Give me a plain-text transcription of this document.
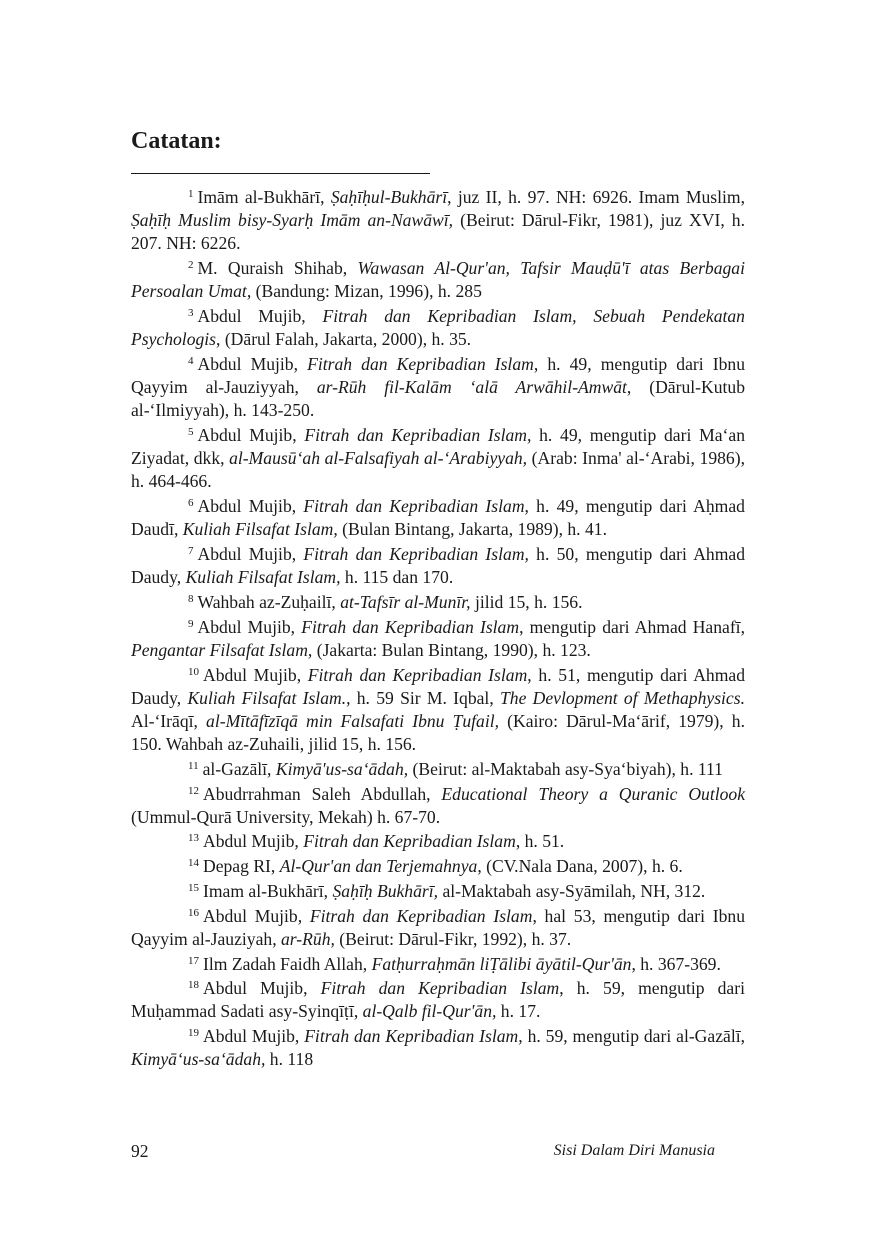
Catatan:

$^1$ Imām al-Bukhārī, Ṣaḥīḥul-Bukhārī, juz II, h. 97. NH: 6926. Imam Muslim, Ṣaḥīḥ Muslim bisy-Syarḥ Imām an-Nawāwī, (Beirut: Dārul-Fikr, 1981), juz XVI, h. 207. NH: 6226.

$^2$ M. Quraish Shihab, Wawasan Al-Qur'an, Tafsir Mauḍū'ī atas Berbagai Persoalan Umat, (Bandung: Mizan, 1996), h. 285

$^3$ Abdul Mujib, Fitrah dan Kepribadian Islam, Sebuah Pendekatan Psychologis, (Dārul Falah, Jakarta, 2000), h. 35.

$^4$ Abdul Mujib, Fitrah dan Kepribadian Islam, h. 49, mengutip dari Ibnu Qayyim al-Jauziyyah, ar-Rūh fil-Kalām ‘alā Arwāhil-Amwāt, (Dārul-Kutub al-‘Ilmiyyah), h. 143-250.

$^5$ Abdul Mujib, Fitrah dan Kepribadian Islam, h. 49, mengutip dari Ma‘an Ziyadat, dkk, al-Mausū‘ah al-Falsafiyah al-‘Arabiyyah, (Arab: Inma' al-‘Arabi, 1986), h. 464-466.

$^6$ Abdul Mujib, Fitrah dan Kepribadian Islam, h. 49, mengutip dari Aḥmad Daudī, Kuliah Filsafat Islam, (Bulan Bintang, Jakarta, 1989), h. 41.

$^7$ Abdul Mujib, Fitrah dan Kepribadian Islam, h. 50, mengutip dari Ahmad Daudy, Kuliah Filsafat Islam, h. 115 dan 170.

$^8$ Wahbah az-Zuḥailī, at-Tafsīr al-Munīr, jilid 15, h. 156.

$^9$ Abdul Mujib, Fitrah dan Kepribadian Islam, mengutip dari Ahmad Hanafī, Pengantar Filsafat Islam, (Jakarta: Bulan Bintang, 1990), h. 123.

$^{10}$ Abdul Mujib, Fitrah dan Kepribadian Islam, h. 51, mengutip dari Ahmad Daudy, Kuliah Filsafat Islam., h. 59 Sir M. Iqbal, The Devlopment of Methaphysics. Al-‘Irāqī, al-Mītāfīzīqā min Falsafati Ibnu Ṭufail, (Kairo: Dārul-Ma‘ārif, 1979), h. 150. Wahbah az-Zuhaili, jilid 15, h. 156.

$^{11}$ al-Gazālī, Kimyā'us-sa‘ādah, (Beirut: al-Maktabah asy-Sya‘biyah), h. 111

$^{12}$ Abudrrahman Saleh Abdullah, Educational Theory a Quranic Outlook (Ummul-Qurā University, Mekah) h. 67-70.

$^{13}$ Abdul Mujib, Fitrah dan Kepribadian Islam, h. 51.

$^{14}$ Depag RI, Al-Qur'an dan Terjemahnya, (CV.Nala Dana, 2007), h. 6.

$^{15}$ Imam al-Bukhārī, Ṣaḥīḥ Bukhārī, al-Maktabah asy-Syāmilah, NH, 312.

$^{16}$ Abdul Mujib, Fitrah dan Kepribadian Islam, hal 53, mengutip dari Ibnu Qayyim al-Jauziyah, ar-Rūh, (Beirut: Dārul-Fikr, 1992), h. 37.

$^{17}$ Ilm Zadah Faidh Allah, Fatḥurraḥmān liṬālibi āyātil-Qur'ān, h. 367-369.

$^{18}$ Abdul Mujib, Fitrah dan Kepribadian Islam, h. 59, mengutip dari Muḥammad Sadati asy-Syinqīṭī, al-Qalb fil-Qur'ān, h. 17.

$^{19}$ Abdul Mujib, Fitrah dan Kepribadian Islam, h. 59, mengutip dari al-Gazālī, Kimyā‘us-sa‘ādah, h. 118

92	Sisi Dalam Diri Manusia
